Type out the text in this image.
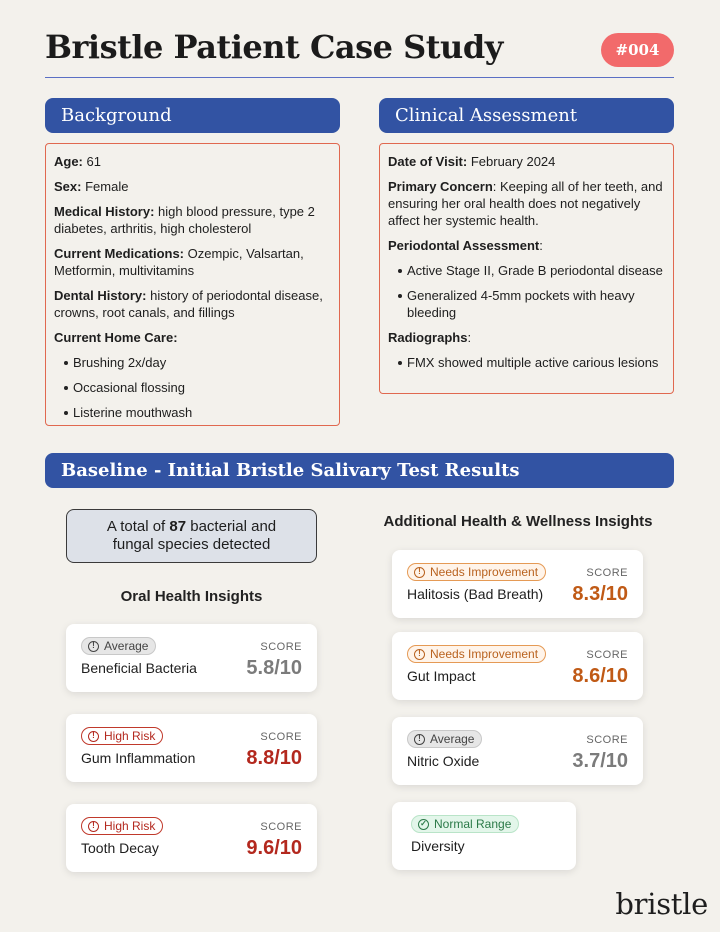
Bristle Patient Case Study	#004
Background

Age: 61

Sex: Female

Medical History: high blood pressure, type 2 diabetes, arthritis, high cholesterol

Current Medications: Ozempic, Valsartan, Metformin, multivitamins

Dental History: history of periodontal disease, crowns, root canals, and fillings

Current Home Care:

Brushing 2x/day
Occasional flossing
Listerine mouthwash
Clinical Assessment

Date of Visit: February 2024

Primary Concern: Keeping all of her teeth, and ensuring her oral health does not negatively affect her systemic health.

Periodontal Assessment:

Active Stage II, Grade B periodontal disease
Generalized 4-5mm pockets with heavy bleeding

Radiographs:

FMX showed multiple active carious lesions
Baseline - Initial Bristle Salivary Test Results
A total of 87 bacterial and fungal species detected
Oral Health Insights
Additional Health & Wellness Insights
! Average	SCORE
Beneficial Bacteria 5.8/10
! High Risk	SCORE
Gum Inflammation	8.8/10
! High Risk	SCORE
Tooth Decay	9.6/10
! Needs Improvement	SCORE
Halitosis (Bad Breath) 8.3/10
! Needs Improvement	SCORE
Gut Impact	8.6/10
! Average	SCORE
Nitric Oxide	3.7/10
✓ Normal Range
Diversity
bristle
